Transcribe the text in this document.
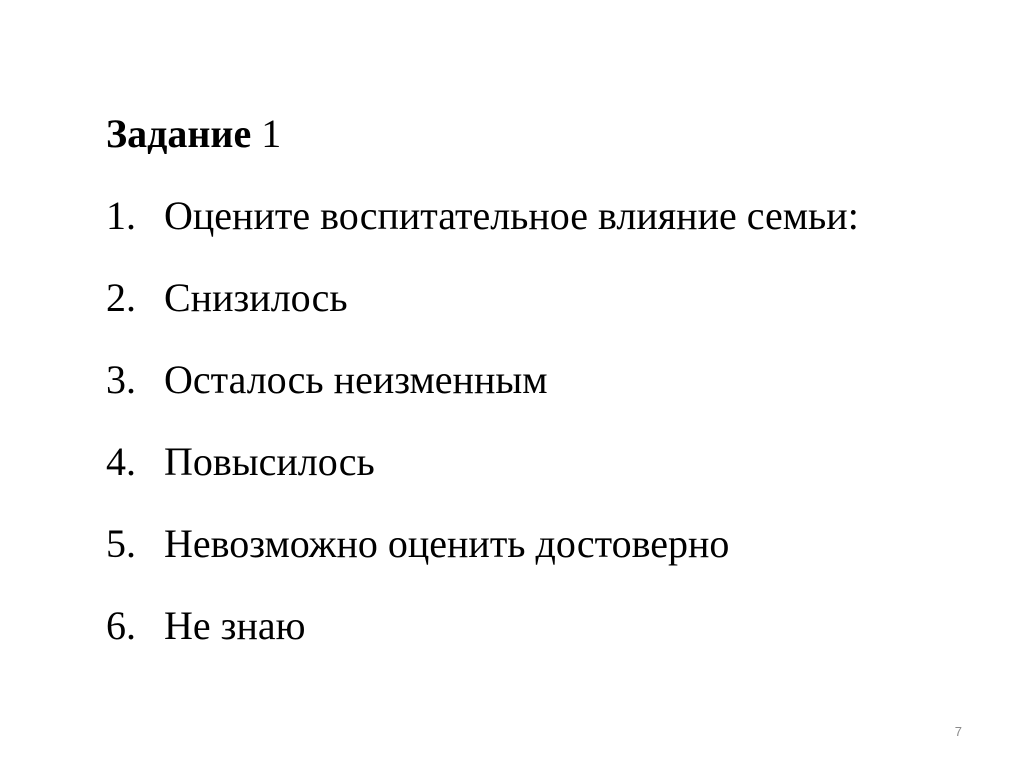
Задание 1
1. Оцените воспитательное влияние семьи:
2. Снизилось
3. Осталось неизменным
4. Повысилось
5. Невозможно оценить достоверно
6. Не знаю
7
